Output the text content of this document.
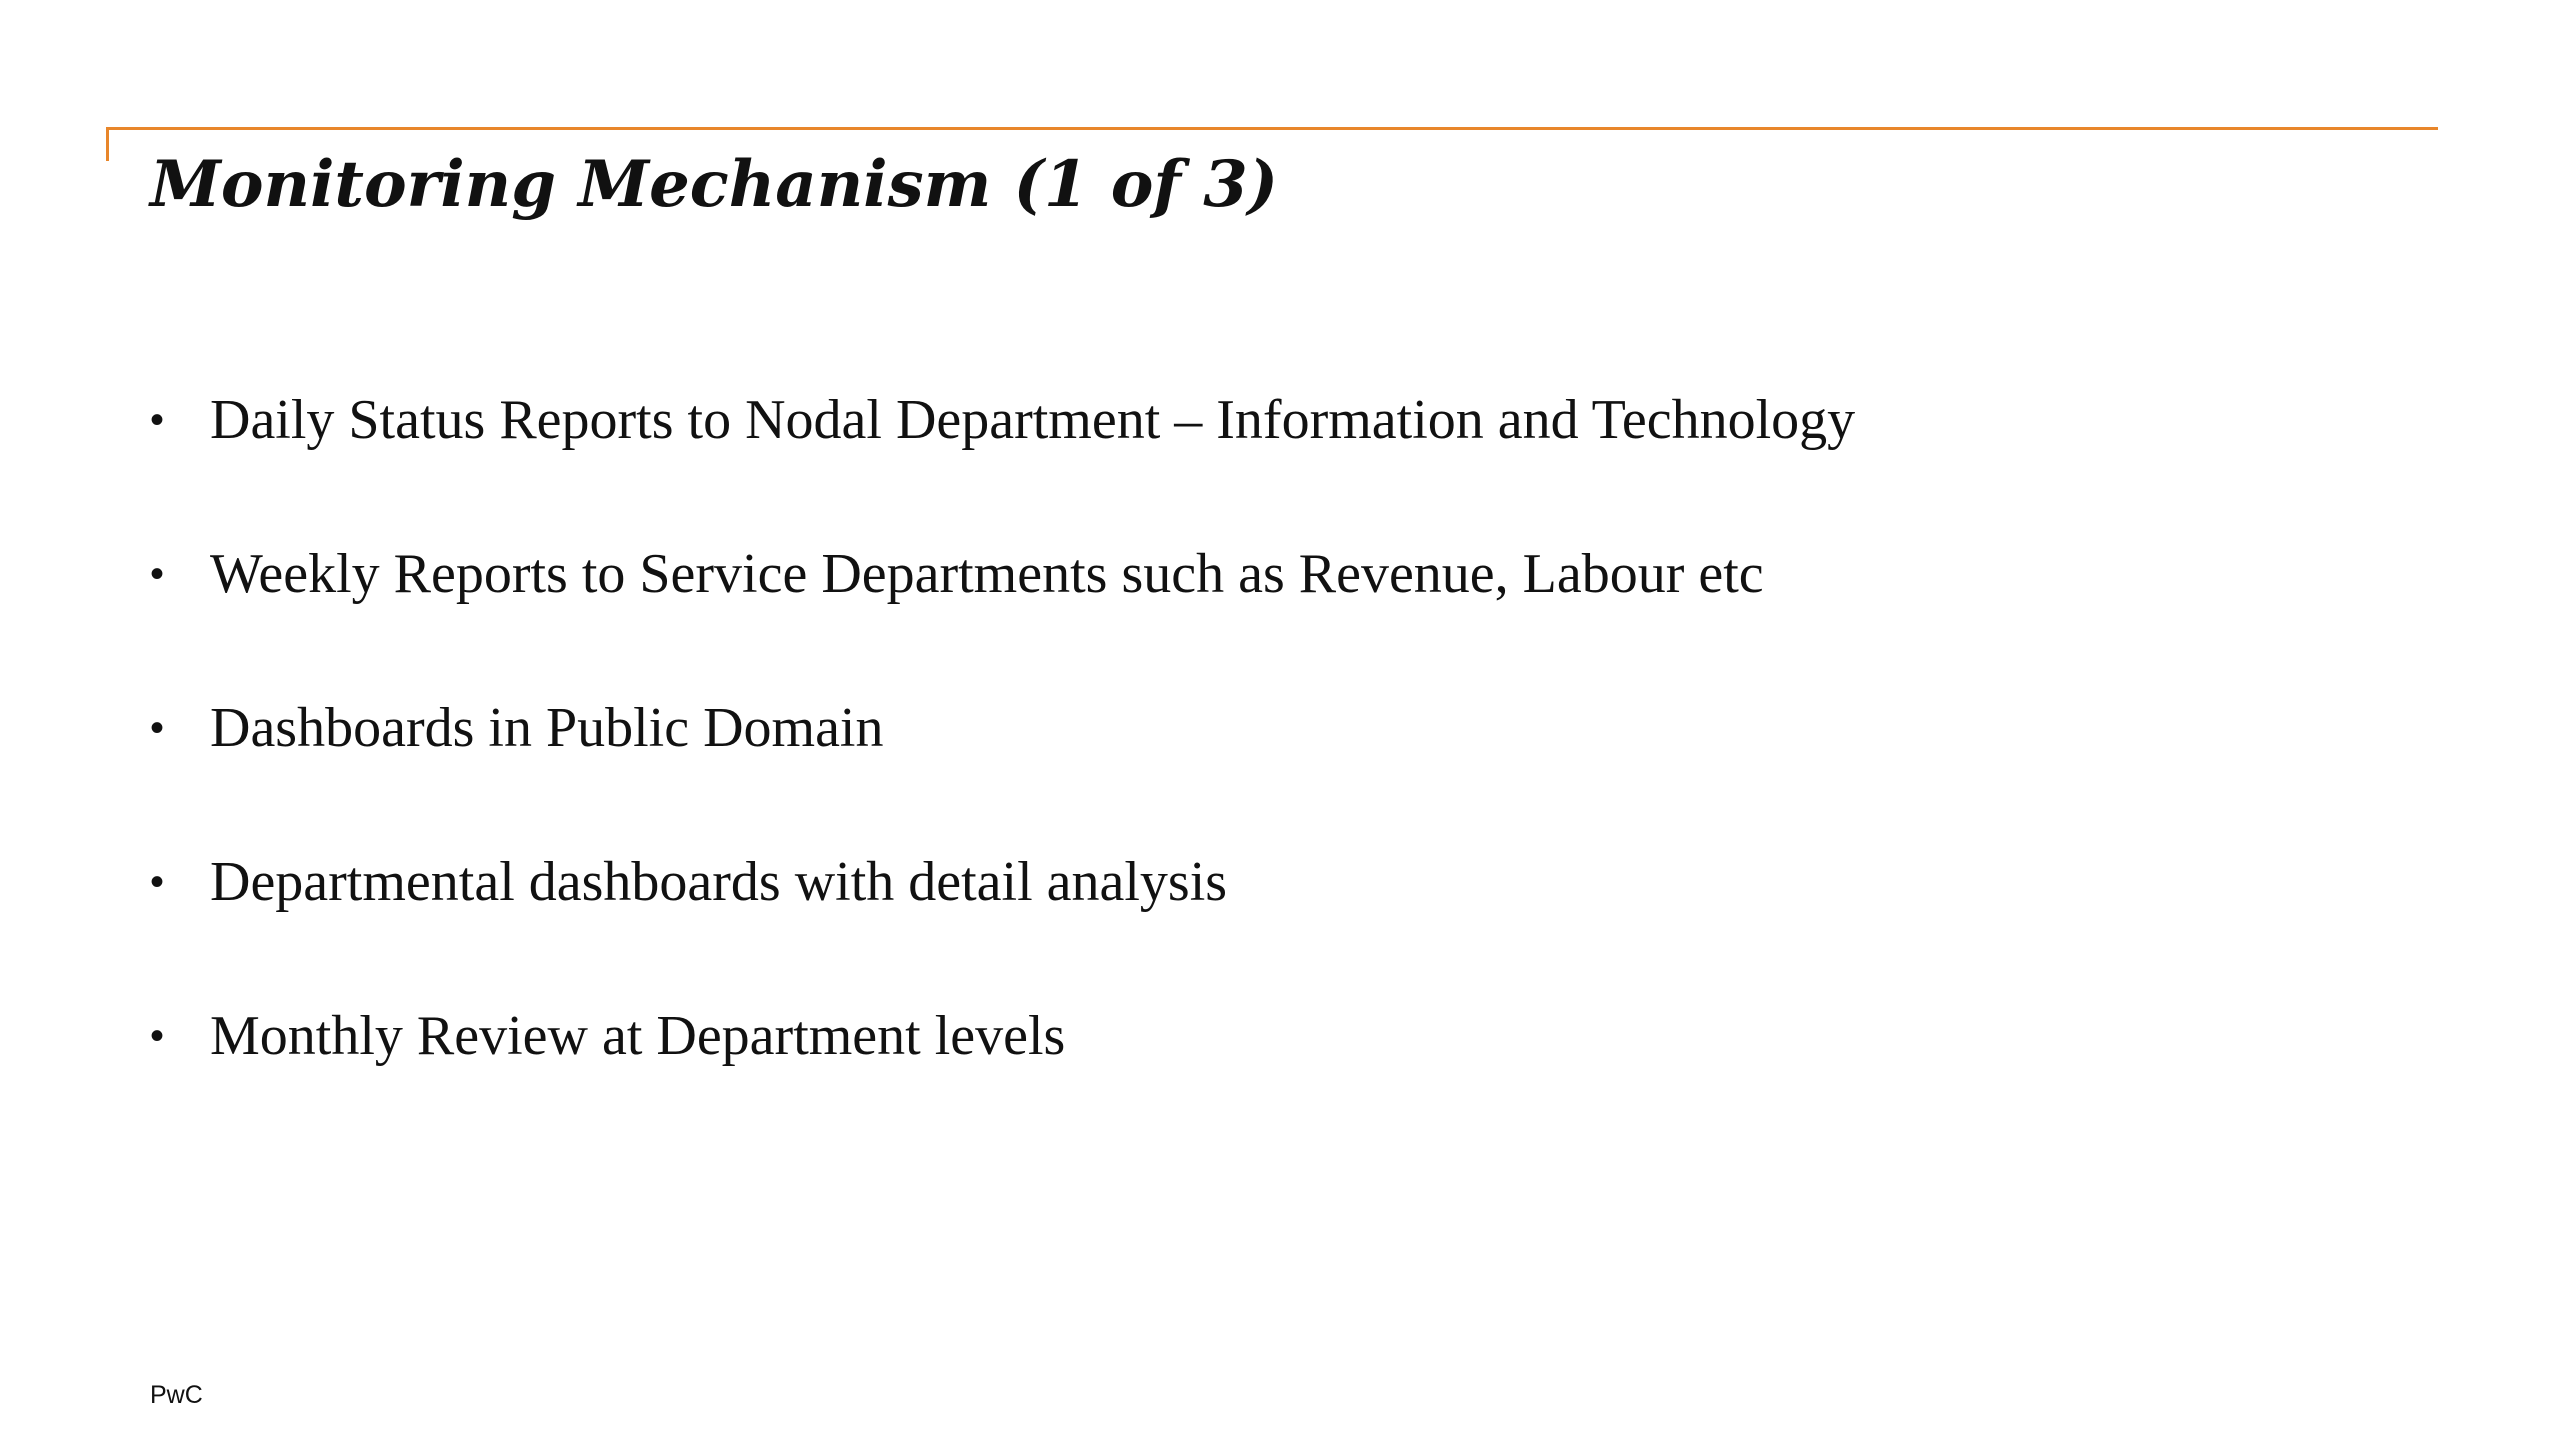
Monitoring Mechanism (1 of 3)
• Daily Status Reports to Nodal Department – Information and Technology
• Weekly Reports to Service Departments such as Revenue, Labour etc
• Dashboards in Public Domain
• Departmental dashboards with detail analysis
• Monthly Review at Department levels
PwC
